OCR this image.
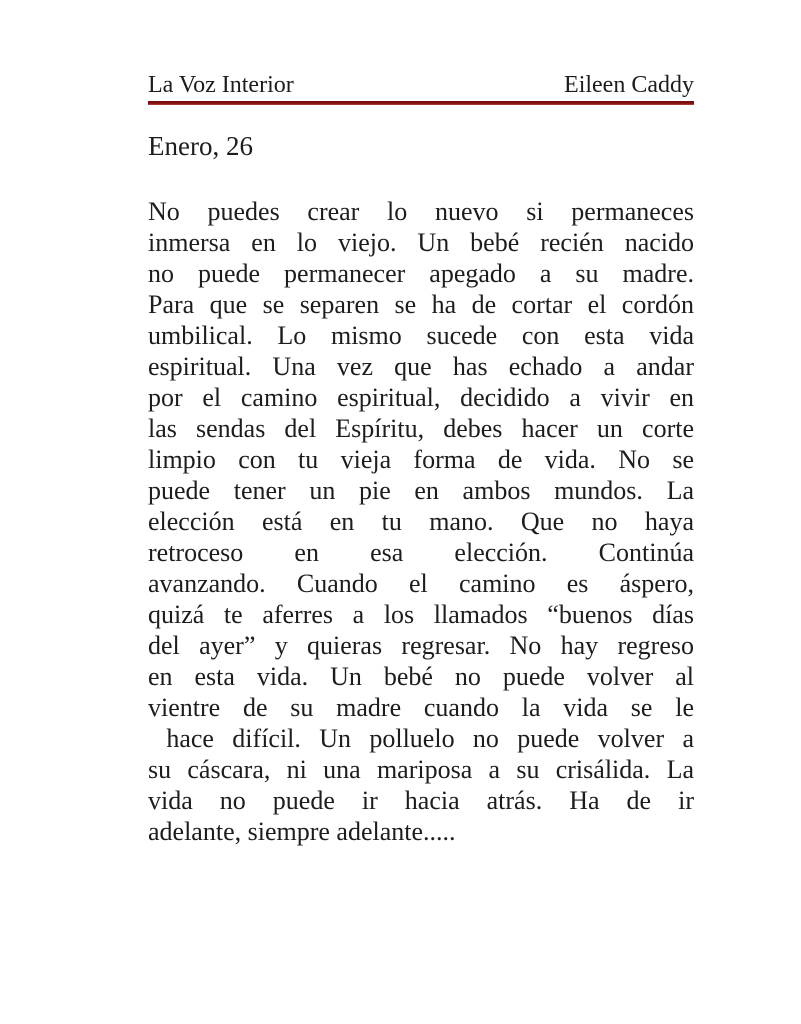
La Voz Interior	Eileen Caddy
Enero, 26
No puedes crear lo nuevo si permaneces
inmersa en lo viejo. Un bebé recién nacido
no puede permanecer apegado a su madre.
Para que se separen se ha de cortar el cordón
umbilical. Lo mismo sucede con esta vida
espiritual. Una vez que has echado a andar
por el camino espiritual, decidido a vivir en
las sendas del Espíritu, debes hacer un corte
limpio con tu vieja forma de vida. No se
puede tener un pie en ambos mundos. La
elección está en tu mano. Que no haya
retroceso en esa elección. Continúa
avanzando. Cuando el camino es áspero,
quizá te aferres a los llamados “buenos días
del ayer” y quieras regresar. No hay regreso
en esta vida. Un bebé no puede volver al
vientre de su madre cuando la vida se le
hace difícil. Un polluelo no puede volver a
su cáscara, ni una mariposa a su crisálida. La
vida no puede ir hacia atrás. Ha de ir
adelante, siempre adelante.....
